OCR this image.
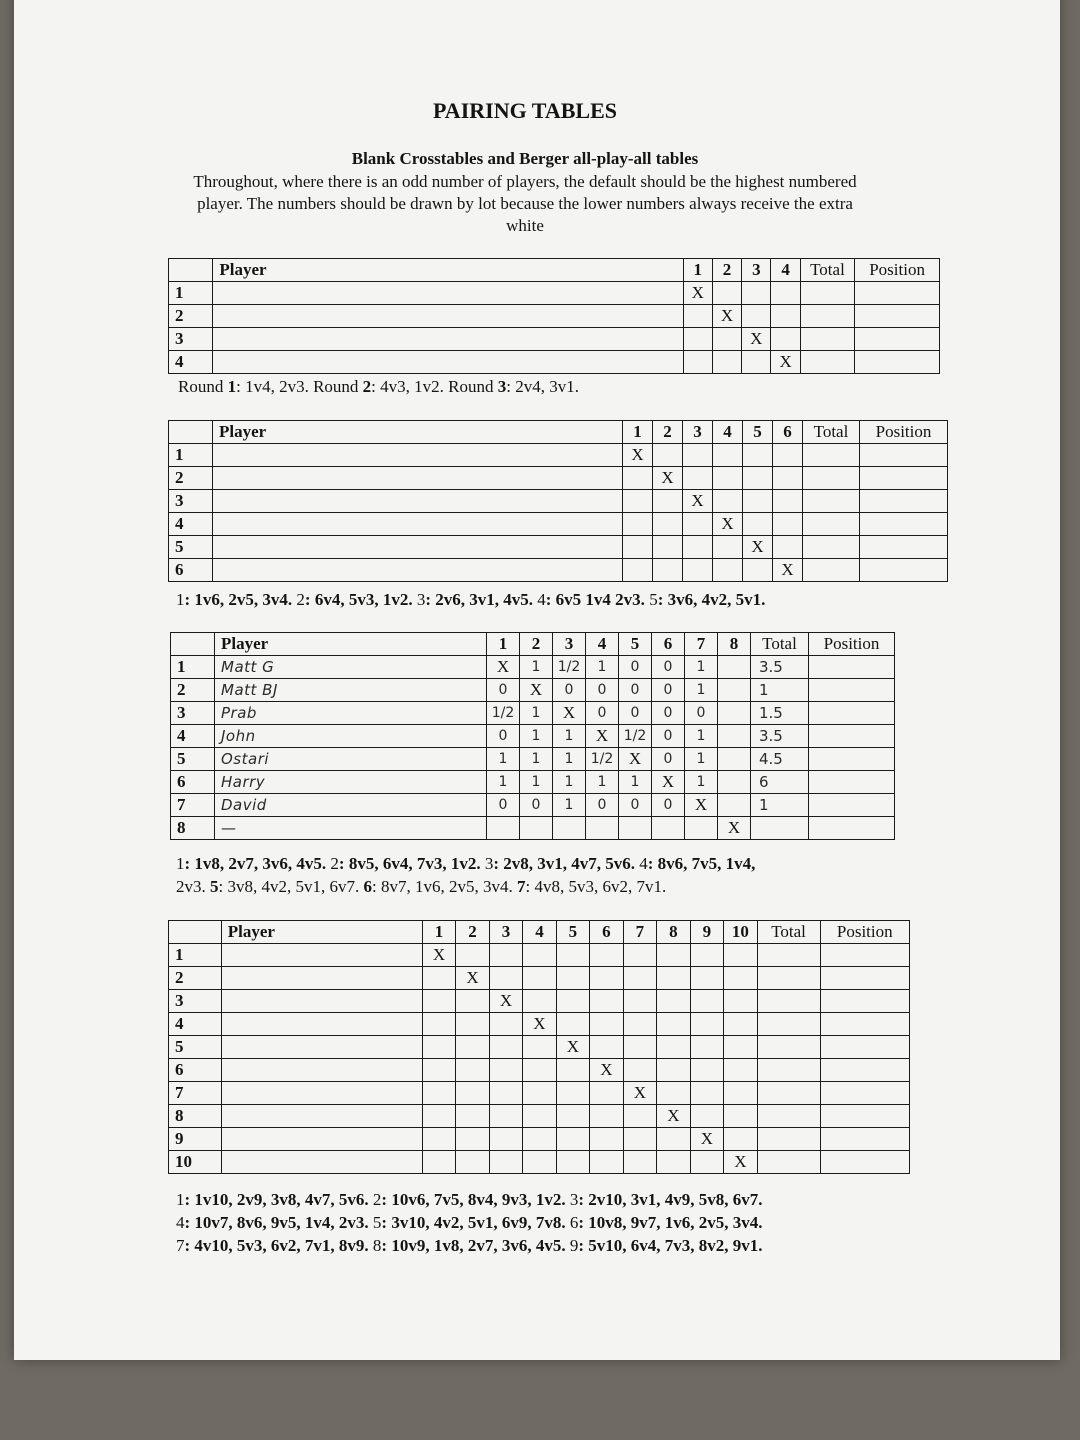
PAIRING TABLES
Blank Crosstables and Berger all-play-all tables
Throughout, where there is an odd number of players, the default should be the highest numbered player. The numbers should be drawn by lot because the lower numbers always receive the extra white
	Player	1	2	3	4	Total	Position
1		X					
2			X				
3				X			
4					X		
Round 1: 1v4, 2v3. Round 2: 4v3, 1v2. Round 3: 2v4, 3v1.
	Player	1	2	3	4	5	6	Total	Position
1		X							
2			X						
3				X					
4					X				
5						X			
6							X		
1: 1v6, 2v5, 3v4. 2: 6v4, 5v3, 1v2. 3: 2v6, 3v1, 4v5. 4: 6v5 1v4 2v3. 5: 3v6, 4v2, 5v1.
	Player	1	2	3	4	5	6	7	8	Total	Position
1	Matt G	X	1	1/2	1	0	0	1		3.5	
2	Matt BJ	0	X	0	0	0	0	1		1	
3	Prab	1/2	1	X	0	0	0	0		1.5	
4	John	0	1	1	X	1/2	0	1		3.5	
5	Ostari	1	1	1	1/2	X	0	1		4.5	
6	Harry	1	1	1	1	1	X	1		6	
7	David	0	0	1	0	0	0	X		1	
8	—								X		
1: 1v8, 2v7, 3v6, 4v5. 2: 8v5, 6v4, 7v3, 1v2. 3: 2v8, 3v1, 4v7, 5v6. 4: 8v6, 7v5, 1v4,
2v3. 5: 3v8, 4v2, 5v1, 6v7. 6: 8v7, 1v6, 2v5, 3v4. 7: 4v8, 5v3, 6v2, 7v1.
	Player	1	2	3	4	5	6	7	8	9	10	Total	Position
1		X											
2			X										
3				X									
4					X								
5						X							
6							X						
7								X					
8									X				
9										X			
10											X		
1: 1v10, 2v9, 3v8, 4v7, 5v6. 2: 10v6, 7v5, 8v4, 9v3, 1v2. 3: 2v10, 3v1, 4v9, 5v8, 6v7.
4: 10v7, 8v6, 9v5, 1v4, 2v3. 5: 3v10, 4v2, 5v1, 6v9, 7v8. 6: 10v8, 9v7, 1v6, 2v5, 3v4.
7: 4v10, 5v3, 6v2, 7v1, 8v9. 8: 10v9, 1v8, 2v7, 3v6, 4v5. 9: 5v10, 6v4, 7v3, 8v2, 9v1.
